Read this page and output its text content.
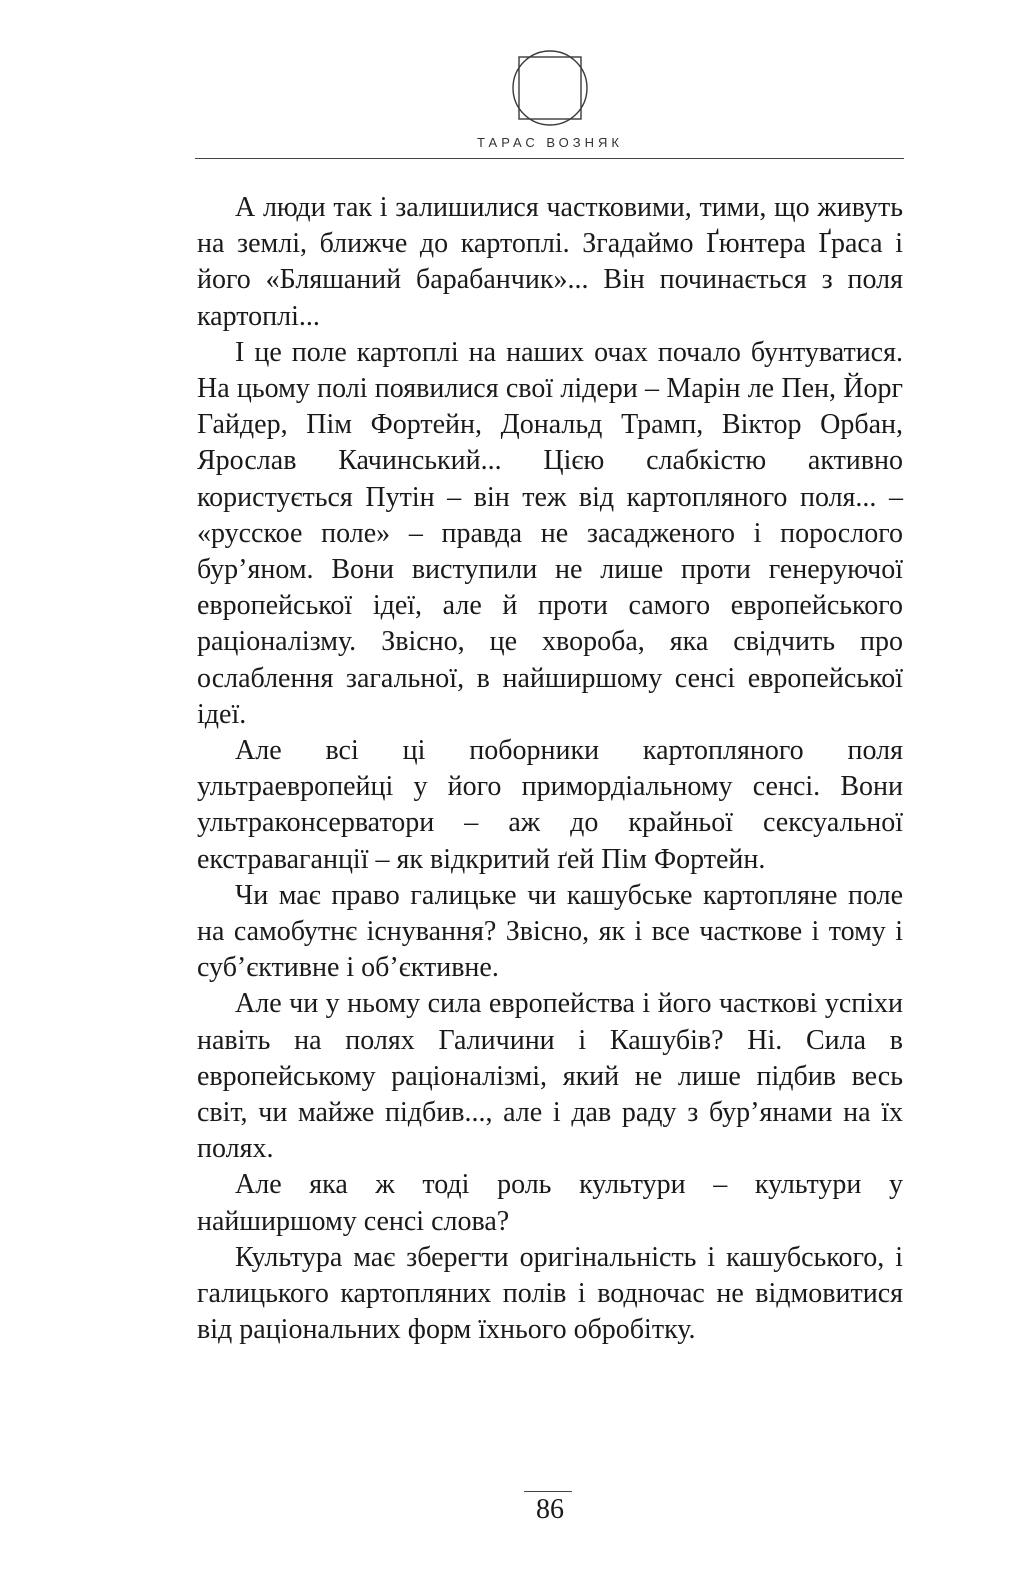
ТАРАС ВОЗНЯК

А люди так і залишилися частковими, тими, що живуть на землі, ближче до картоплі. Згадаймо Ґюнтера Ґраса і його «Бляшаний барабанчик»... Він починається з поля картоплі...

І це поле картоплі на наших очах почало бунтуватися. На цьому полі появилися свої лідери – Марін ле Пен, Йорг Гайдер, Пім Фортейн, Дональд Трамп, Віктор Орбан, Ярослав Качинський... Цією слабкістю активно користується Путін – він теж від картопляного поля... – «русское поле» – правда не засадженого і порослого бур’яном. Вони виступили не лише проти генеруючої европейської ідеї, але й проти самого европейського раціоналізму. Звісно, це хвороба, яка свідчить про ослаблення загальної, в найширшому сенсі европейської ідеї.

Але всі ці поборники картопляного поля ультраевропейці у його примордіальному сенсі. Вони ультраконсерватори – аж до крайньої сексуальної екстраваганції – як відкритий ґей Пім Фортейн.

Чи має право галицьке чи кашубське картопляне поле на самобутнє існування? Звісно, як і все часткове і тому і суб’єктивне і об’єктивне.

Але чи у ньому сила европейства і його часткові успіхи навіть на полях Галичини і Кашубів? Ні. Сила в европейському раціоналізмі, який не лише підбив весь світ, чи майже підбив..., але і дав раду з бур’янами на їх полях.

Але яка ж тоді роль культури – культури у найширшому сенсі слова?

Культура має зберегти оригінальність і кашубського, і галицького картопляних полів і водночас не відмовитися від раціональних форм їхнього обробітку.

86
